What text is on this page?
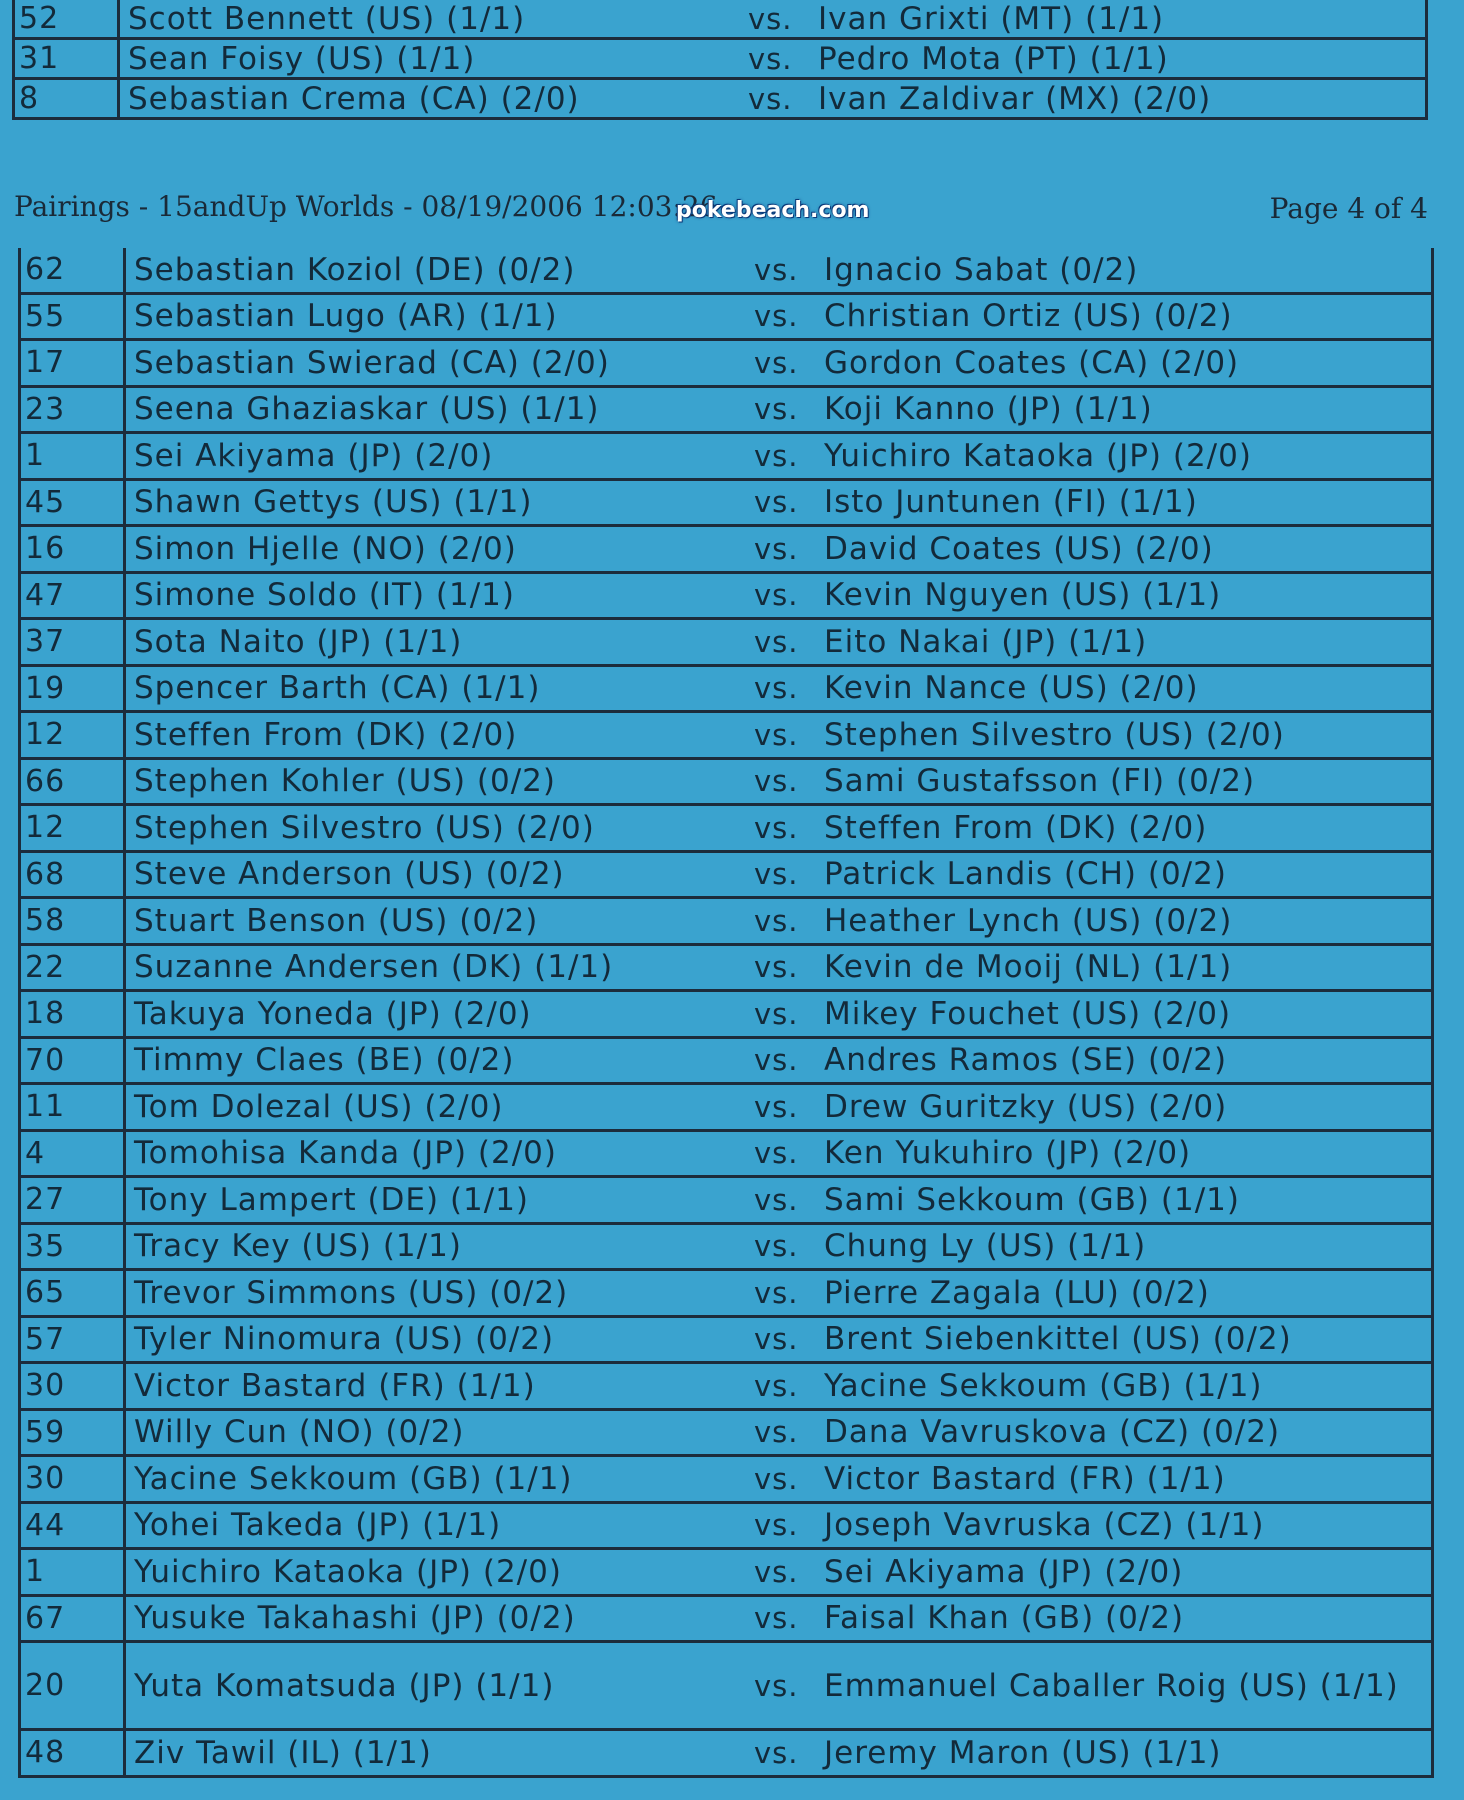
52	Scott Bennett (US) (1/1)	vs. Ivan Grixti (MT) (1/1)
31	Sean Foisy (US) (1/1)	vs. Pedro Mota (PT) (1/1)
8	Sebastian Crema (CA) (2/0)	vs. Ivan Zaldivar (MX) (2/0)
Pairings - 15andUp Worlds - 08/19/2006 12:03:26
pokebeach.com	Page 4 of 4
62	Sebastian Koziol (DE) (0/2)	vs. Ignacio Sabat (0/2)
55	Sebastian Lugo (AR) (1/1)	vs. Christian Ortiz (US) (0/2)
17	Sebastian Swierad (CA) (2/0)	vs. Gordon Coates (CA) (2/0)
23	Seena Ghaziaskar (US) (1/1)	vs. Koji Kanno (JP) (1/1)
1	Sei Akiyama (JP) (2/0)	vs. Yuichiro Kataoka (JP) (2/0)
45	Shawn Gettys (US) (1/1)	vs. Isto Juntunen (FI) (1/1)
16	Simon Hjelle (NO) (2/0)	vs. David Coates (US) (2/0)
47	Simone Soldo (IT) (1/1)	vs. Kevin Nguyen (US) (1/1)
37	Sota Naito (JP) (1/1)	vs. Eito Nakai (JP) (1/1)
19	Spencer Barth (CA) (1/1)	vs. Kevin Nance (US) (2/0)
12	Steffen From (DK) (2/0)	vs. Stephen Silvestro (US) (2/0)
66	Stephen Kohler (US) (0/2)	vs. Sami Gustafsson (FI) (0/2)
12	Stephen Silvestro (US) (2/0)	vs. Steffen From (DK) (2/0)
68	Steve Anderson (US) (0/2)	vs. Patrick Landis (CH) (0/2)
58	Stuart Benson (US) (0/2)	vs. Heather Lynch (US) (0/2)
22	Suzanne Andersen (DK) (1/1)	vs. Kevin de Mooij (NL) (1/1)
18	Takuya Yoneda (JP) (2/0)	vs. Mikey Fouchet (US) (2/0)
70	Timmy Claes (BE) (0/2)	vs. Andres Ramos (SE) (0/2)
11	Tom Dolezal (US) (2/0)	vs. Drew Guritzky (US) (2/0)
4	Tomohisa Kanda (JP) (2/0)	vs. Ken Yukuhiro (JP) (2/0)
27	Tony Lampert (DE) (1/1)	vs. Sami Sekkoum (GB) (1/1)
35	Tracy Key (US) (1/1)	vs. Chung Ly (US) (1/1)
65	Trevor Simmons (US) (0/2)	vs. Pierre Zagala (LU) (0/2)
57	Tyler Ninomura (US) (0/2)	vs. Brent Siebenkittel (US) (0/2)
30	Victor Bastard (FR) (1/1)	vs. Yacine Sekkoum (GB) (1/1)
59	Willy Cun (NO) (0/2)	vs. Dana Vavruskova (CZ) (0/2)
30	Yacine Sekkoum (GB) (1/1)	vs. Victor Bastard (FR) (1/1)
44	Yohei Takeda (JP) (1/1)	vs. Joseph Vavruska (CZ) (1/1)
1	Yuichiro Kataoka (JP) (2/0)	vs. Sei Akiyama (JP) (2/0)
67	Yusuke Takahashi (JP) (0/2)	vs. Faisal Khan (GB) (0/2)
20	Yuta Komatsuda (JP) (1/1)	vs. Emmanuel Caballer Roig (US) (1/1)
48	Ziv Tawil (IL) (1/1)	vs. Jeremy Maron (US) (1/1)
